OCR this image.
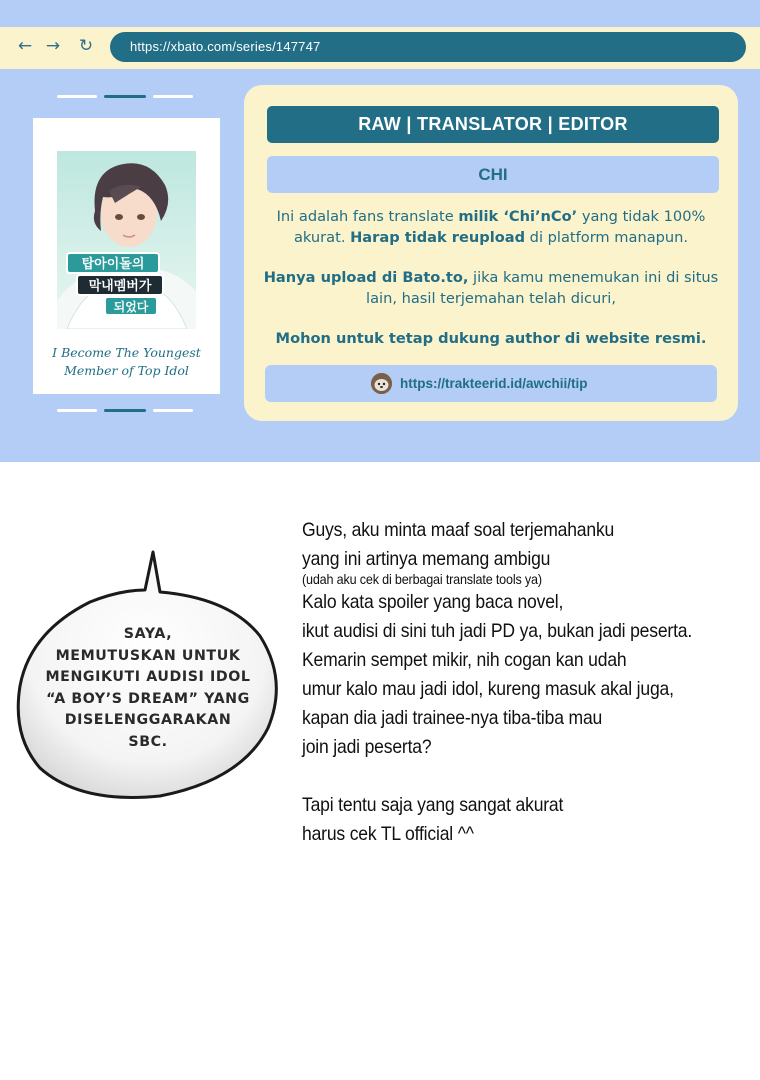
← → ↻	https://xbato.com/series/147747
탑아이돌의
막내멤버가
되었다
I Become The Youngest
Member of Top Idol
RAW | TRANSLATOR | EDITOR
CHI
Ini adalah fans translate milik ‘Chi’nCo’ yang tidak 100% akurat. Harap tidak reupload di platform manapun.
Hanya upload di Bato.to, jika kamu menemukan ini di situs lain, hasil terjemahan telah dicuri,
Mohon untuk tetap dukung author di website resmi.
https://trakteerid.id/awchii/tip
SAYA,
MEMUTUSKAN UNTUK
MENGIKUTI AUDISI IDOL
“A BOY’S DREAM” YANG
DISELENGGARAKAN
SBC.
Guys, aku minta maaf soal terjemahanku
yang ini artinya memang ambigu
(udah aku cek di berbagai translate tools ya)
Kalo kata spoiler yang baca novel,
ikut audisi di sini tuh jadi PD ya, bukan jadi peserta.
Kemarin sempet mikir, nih cogan kan udah
umur kalo mau jadi idol, kureng masuk akal juga,
kapan dia jadi trainee-nya tiba-tiba mau
join jadi peserta?
Tapi tentu saja yang sangat akurat
harus cek TL official ^^
